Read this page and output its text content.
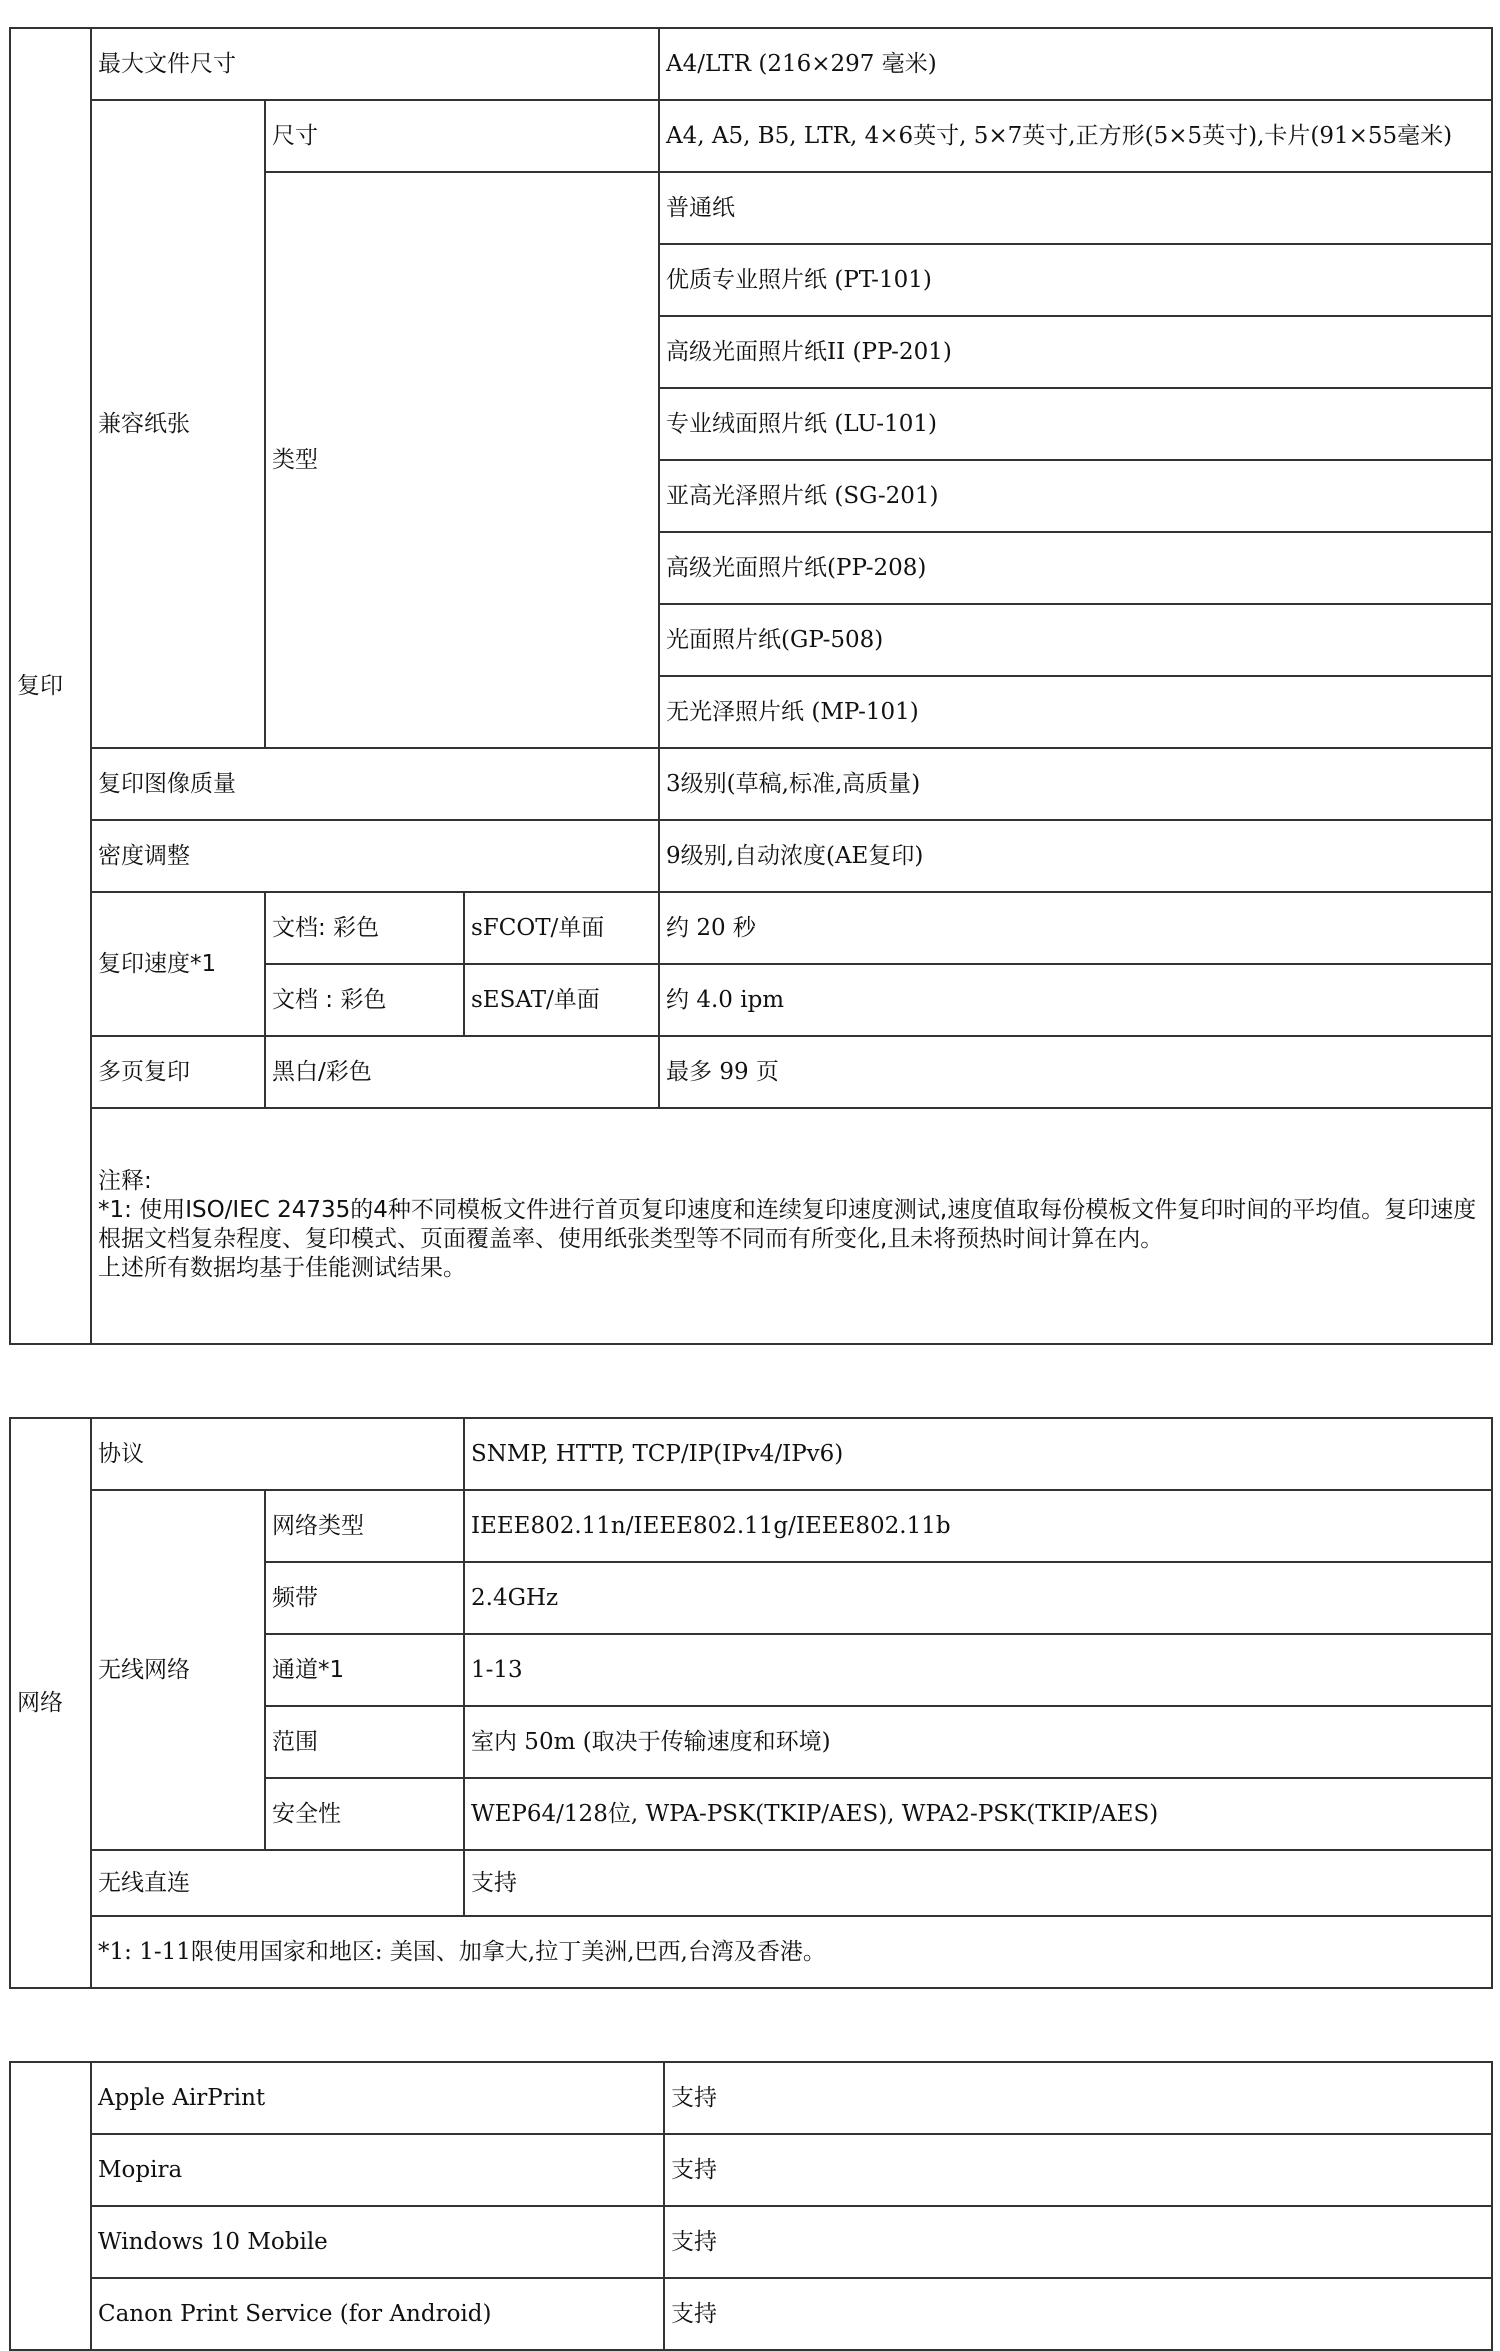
复印	最大文件尺寸			A4/LTR (216×297 毫米)
	兼容纸张	尺寸		A4, A5, B5, LTR, 4×6英寸, 5×7英寸,正方形(5×5英寸),卡片(91×55毫米)
		类型		普通纸
				优质专业照片纸 (PT-101)
				高级光面照片纸II (PP-201)
				专业绒面照片纸 (LU-101)
				亚高光泽照片纸 (SG-201)
				高级光面照片纸(PP-208)
				光面照片纸(GP-508)
				无光泽照片纸 (MP-101)
	复印图像质量			3级别(草稿,标准,高质量)
	密度调整			9级别,自动浓度(AE复印)
	复印速度*1	文档: 彩色	sFCOT/单面	约 20 秒
		文档 : 彩色	sESAT/单面	约 4.0 ipm
	多页复印	黑白/彩色		最多 99 页

	注释:
*1: 使用ISO/IEC 24735的4种不同模板文件进行首页复印速度和连续复印速度测试,速度值取每份模板文件复印时间的平均值。复印速度根据文档复杂程度、复印模式、页面覆盖率、使用纸张类型等不同而有所变化,且未将预热时间计算在内。
上述所有数据均基于佳能测试结果。			
网络	协议		SNMP, HTTP, TCP/IP(IPv4/IPv6)
	无线网络	网络类型	IEEE802.11n/IEEE802.11g/IEEE802.11b
		频带	2.4GHz
		通道*1	1-13
		范围	室内 50m (取决于传输速度和环境)
		安全性	WEP64/128位, WPA-PSK(TKIP/AES), WPA2-PSK(TKIP/AES)
	无线直连		支持
	*1: 1-11限使用国家和地区: 美国、加拿大,拉丁美洲,巴西,台湾及香港。		
	Apple AirPrint	支持
	Mopira	支持
	Windows 10 Mobile	支持
	Canon Print Service (for Android)	支持
